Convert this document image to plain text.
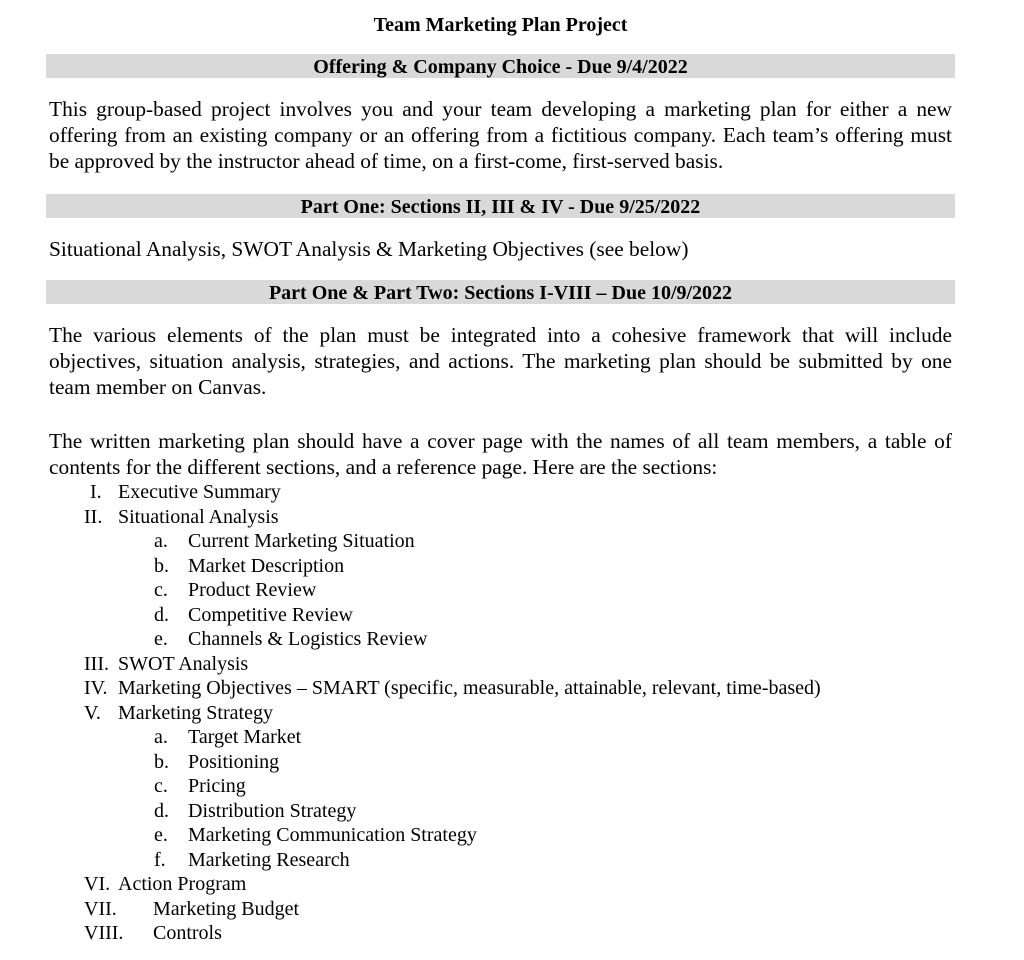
Team Marketing Plan Project
Offering & Company Choice - Due 9/4/2022

This group-based project involves you and your team developing a marketing plan for either a new offering from an existing company or an offering from a fictitious company. Each team’s offering must be approved by the instructor ahead of time, on a first-come, first-served basis.

Part One: Sections II, III & IV - Due 9/25/2022

Situational Analysis, SWOT Analysis & Marketing Objectives (see below)

Part One & Part Two: Sections I-VIII – Due 10/9/2022

The various elements of the plan must be integrated into a cohesive framework that will include objectives, situation analysis, strategies, and actions. The marketing plan should be submitted by one team member on Canvas.

The written marketing plan should have a cover page with the names of all team members, a table of contents for the different sections, and a reference page. Here are the sections:

I. Executive Summary
II. Situational Analysis
a. Current Marketing Situation
b. Market Description
c. Product Review
d. Competitive Review
e. Channels & Logistics Review
III. SWOT Analysis
IV. Marketing Objectives – SMART (specific, measurable, attainable, relevant, time-based)
V. Marketing Strategy
a. Target Market
b. Positioning
c. Pricing
d. Distribution Strategy
e. Marketing Communication Strategy
f. Marketing Research
VI. Action Program
VII. Marketing Budget
VIII. Controls
